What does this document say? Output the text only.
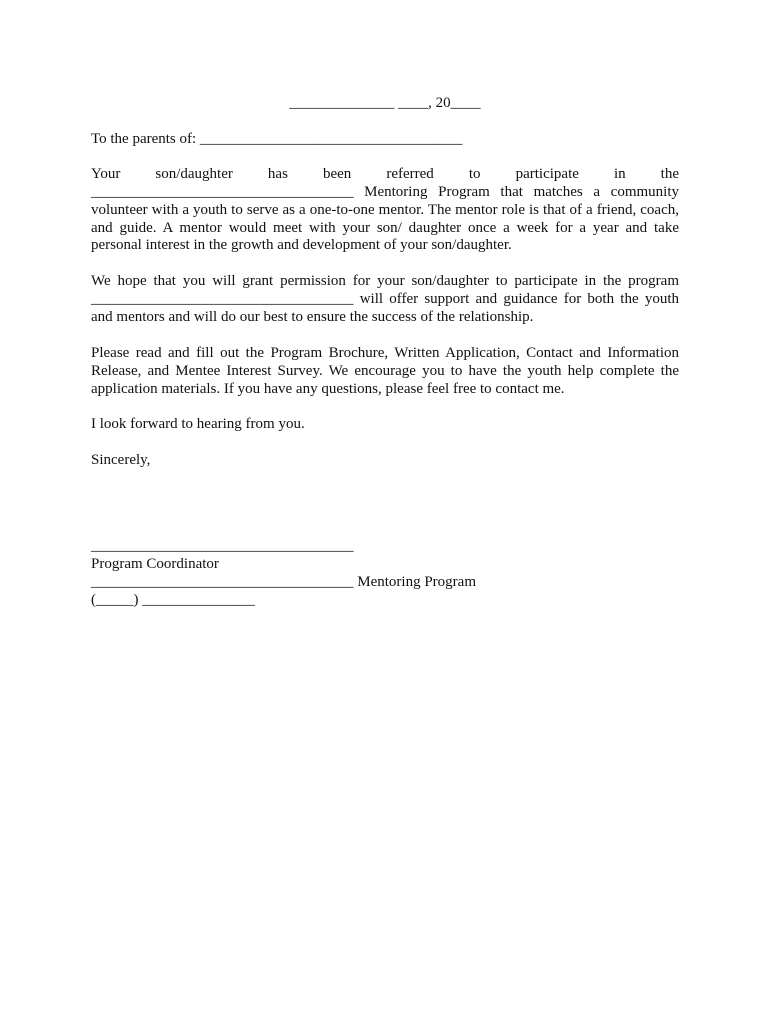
______________ ____, 20____
To the parents of: ___________________________________
Your son/daughter has been referred to participate in the
___________________________________ Mentoring Program that matches a community volunteer with a youth to serve as a one-to-one mentor. The mentor role is that of a friend, coach, and guide. A mentor would meet with your son/ daughter once a week for a year and take personal interest in the growth and development of your son/daughter.
We hope that you will grant permission for your son/daughter to participate in the program ___________________________________ will offer support and guidance for both the youth and mentors and will do our best to ensure the success of the relationship.
Please read and fill out the Program Brochure, Written Application, Contact and Information Release, and Mentee Interest Survey. We encourage you to have the youth help complete the application materials. If you have any questions, please feel free to contact me.
I look forward to hearing from you.
Sincerely,
___________________________________
Program Coordinator
___________________________________ Mentoring Program
(_____) _______________
